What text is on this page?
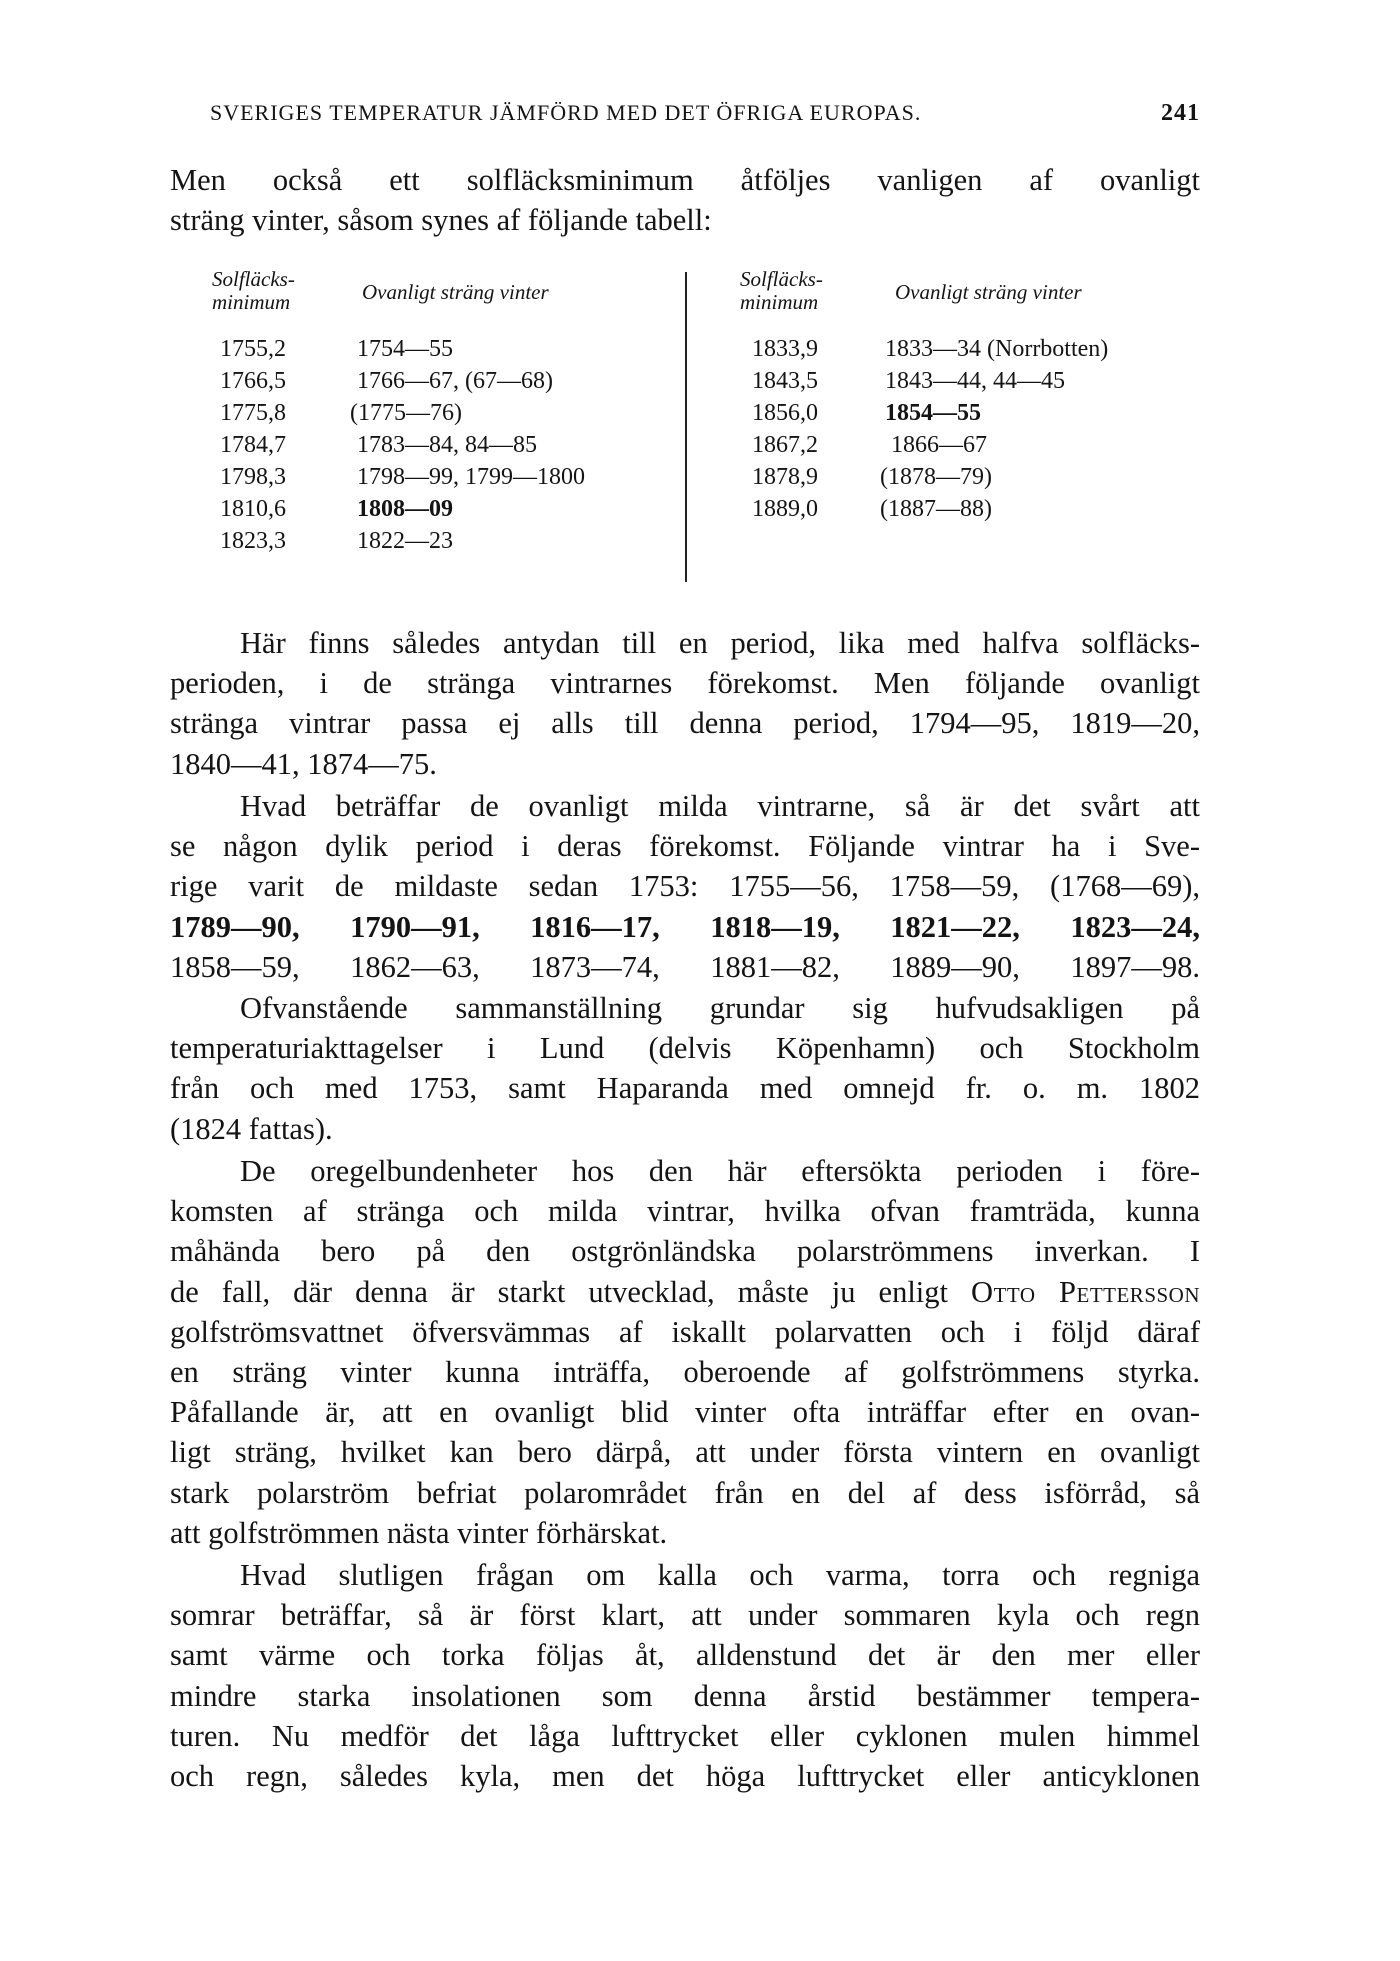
SVERIGES TEMPERATUR JÄMFÖRD MED DET ÖFRIGA EUROPAS.	241
Men också ett solfläcksminimum åtföljes vanligen af ovanligt
sträng vinter, såsom synes af följande tabell:
Solfläcks-
minimum	Ovanligt sträng vinter
Solfläcks-
minimum	Ovanligt sträng vinter
1755,2	1754—55
1766,5	1766—67, (67—68)
1775,8	(1775—76)
1784,7	1783—84, 84—85
1798,3	1798—99, 1799—1800
1810,6	1808—09
1823,3	1822—23
1833,9	1833—34 (Norrbotten)
1843,5	1843—44, 44—45
1856,0	1854—55
1867,2	1866—67
1878,9	(1878—79)
1889,0	(1887—88)
Här finns således antydan till en period, lika med halfva solfläcks-
perioden, i de stränga vintrarnes förekomst. Men följande ovanligt
stränga vintrar passa ej alls till denna period, 1794—95, 1819—20,
1840—41, 1874—75.
Hvad beträffar de ovanligt milda vintrarne, så är det svårt att
se någon dylik period i deras förekomst. Följande vintrar ha i Sve-
rige varit de mildaste sedan 1753: 1755—56, 1758—59, (1768—69),
1789—90, 1790—91, 1816—17, 1818—19, 1821—22, 1823—24,
1858—59, 1862—63, 1873—74, 1881—82, 1889—90, 1897—98.
Ofvanstående sammanställning grundar sig hufvudsakligen på
temperaturiakttagelser i Lund (delvis Köpenhamn) och Stockholm
från och med 1753, samt Haparanda med omnejd fr. o. m. 1802
(1824 fattas).
De oregelbundenheter hos den här eftersökta perioden i före-
komsten af stränga och milda vintrar, hvilka ofvan framträda, kunna
måhända bero på den ostgrönländska polarströmmens inverkan. I
de fall, där denna är starkt utvecklad, måste ju enligt Otto Pettersson
golfströmsvattnet öfversvämmas af iskallt polarvatten och i följd däraf
en sträng vinter kunna inträffa, oberoende af golfströmmens styrka.
Påfallande är, att en ovanligt blid vinter ofta inträffar efter en ovan-
ligt sträng, hvilket kan bero därpå, att under första vintern en ovanligt
stark polarström befriat polarområdet från en del af dess isförråd, så
att golfströmmen nästa vinter förhärskat.
Hvad slutligen frågan om kalla och varma, torra och regniga
somrar beträffar, så är först klart, att under sommaren kyla och regn
samt värme och torka följas åt, alldenstund det är den mer eller
mindre starka insolationen som denna årstid bestämmer tempera-
turen. Nu medför det låga lufttrycket eller cyklonen mulen himmel
och regn, således kyla, men det höga lufttrycket eller anticyklonen
